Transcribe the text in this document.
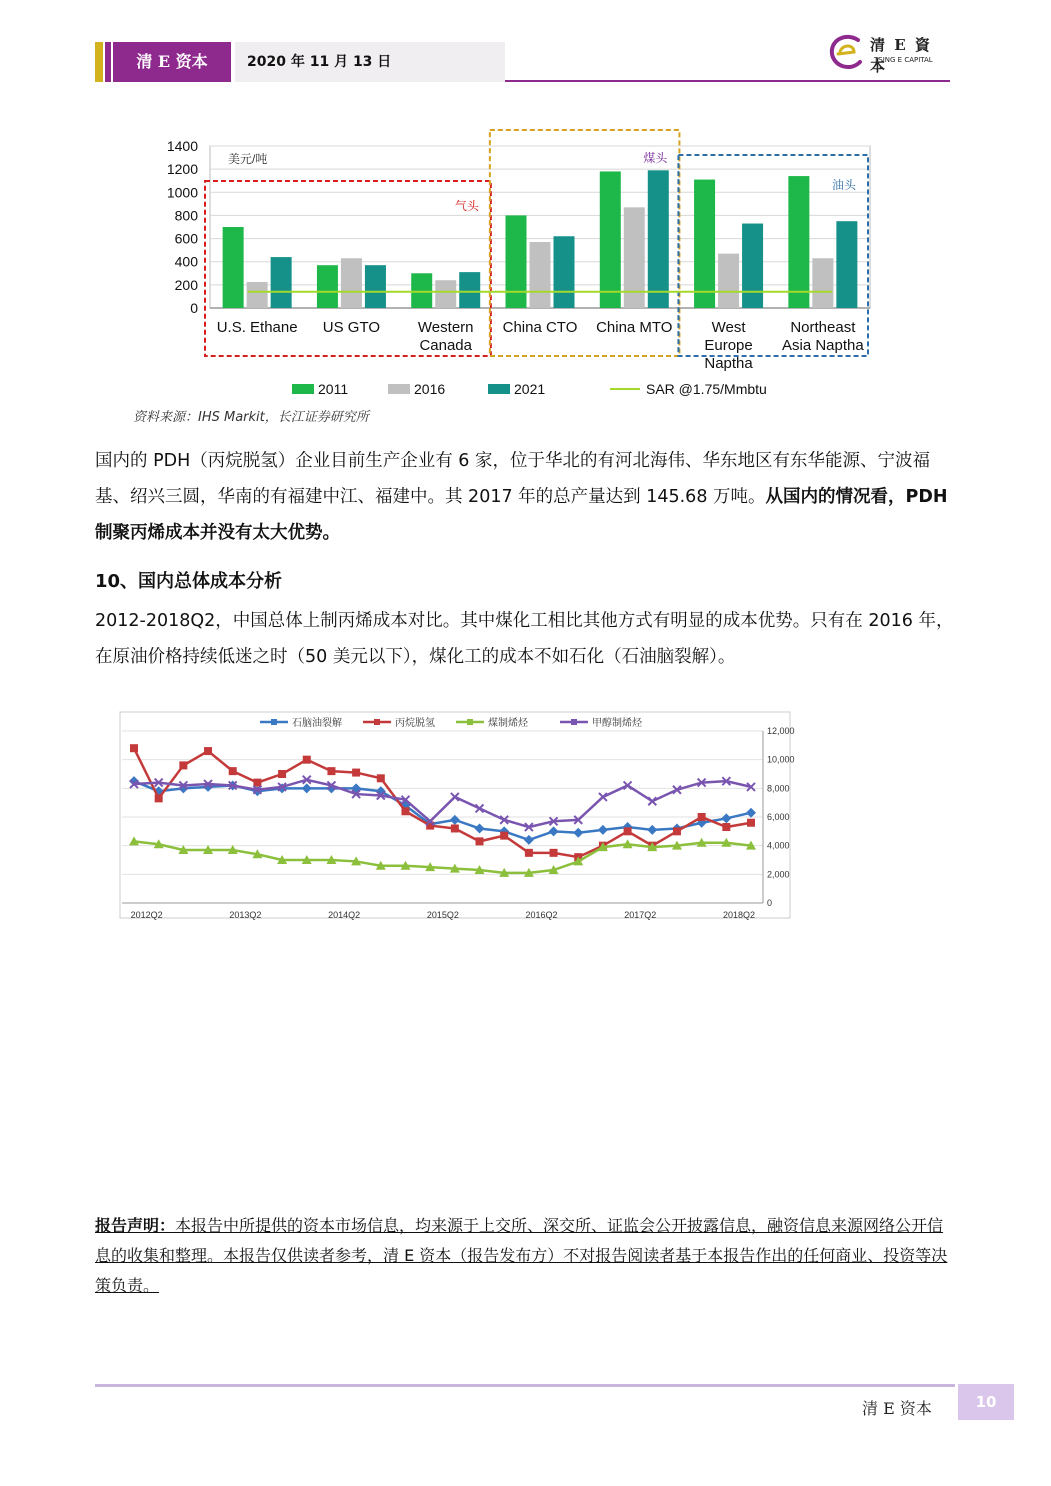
清 E 资本	2020 年 11 月 13 日
清 E 資 本
TSING E CAPITAL
1400
1200
1000
800
600
400
200
0
美元/吨
气头
煤头
油头
U.S. Ethane US GTO	Western
Canada
China CTO China MTO	West
Europe
Naptha
Northeast
Asia Naptha
2011	2016	2021	SAR @1.75/Mmbtu
资料来源：IHS Markit，长江证券研究所
国内的 PDH（丙烷脱氢）企业目前生产企业有 6 家，位于华北的有河北海伟、华东地区有东华能源、宁波福基、绍兴三圆，华南的有福建中江、福建中。其 2017 年的总产量达到 145.68 万吨。从国内的情况看，PDH 制聚丙烯成本并没有太大优势。
10、国内总体成本分析
2012-2018Q2，中国总体上制丙烯成本对比。其中煤化工相比其他方式有明显的成本优势。只有在 2016 年，在原油价格持续低迷之时（50 美元以下），煤化工的成本不如石化（石油脑裂解）。
12,000
10,000
8,000
6,000
4,000
2,000
0
2012Q2	2013Q2	2014Q2	2015Q2	2016Q2	2017Q2	2018Q2
石脑油裂解	丙烷脱氢	煤制烯烃	甲醇制烯烃
报告声明：本报告中所提供的资本市场信息，均来源于上交所、深交所、证监会公开披露信息，融资信息来源网络公开信息的收集和整理。本报告仅供读者参考，清 E 资本（报告发布方）不对报告阅读者基于本报告作出的任何商业、投资等决策负责。
清 E 资本	10
